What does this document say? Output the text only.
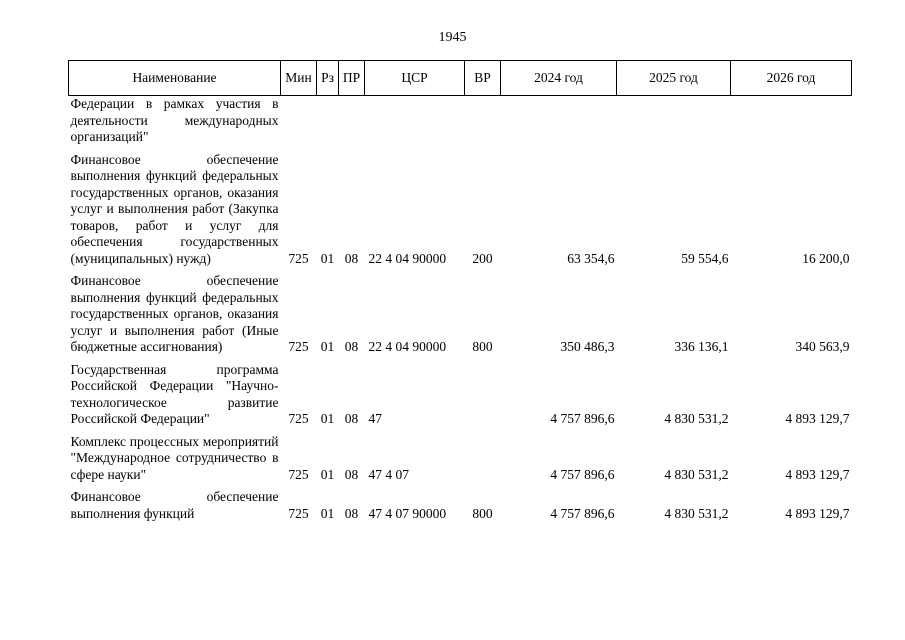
1945
Наименование	Мин	Рз	ПР	ЦСР	ВР	2024 год	2025 год	2026 год
Федерации в рамках участия в деятельности международных организаций"								
Финансовое обеспечение выполнения функций федеральных государственных органов, оказания услуг и выполнения работ (Закупка товаров, работ и услуг для обеспечения государственных (муниципальных) нужд)	725	01	08	22 4 04 90000	200	63 354,6	59 554,6	16 200,0
Финансовое обеспечение выполнения функций федеральных государственных органов, оказания услуг и выполнения работ (Иные бюджетные ассигнования)	725	01	08	22 4 04 90000	800	350 486,3	336 136,1	340 563,9
Государственная программа Российской Федерации "Научно-технологическое развитие Российской Федерации"	725	01	08	47		4 757 896,6	4 830 531,2	4 893 129,7
Комплекс процессных мероприятий "Международное сотрудничество в сфере науки"	725	01	08	47 4 07		4 757 896,6	4 830 531,2	4 893 129,7
Финансовое обеспечение выполнения функций	725	01	08	47 4 07 90000	800	4 757 896,6	4 830 531,2	4 893 129,7
